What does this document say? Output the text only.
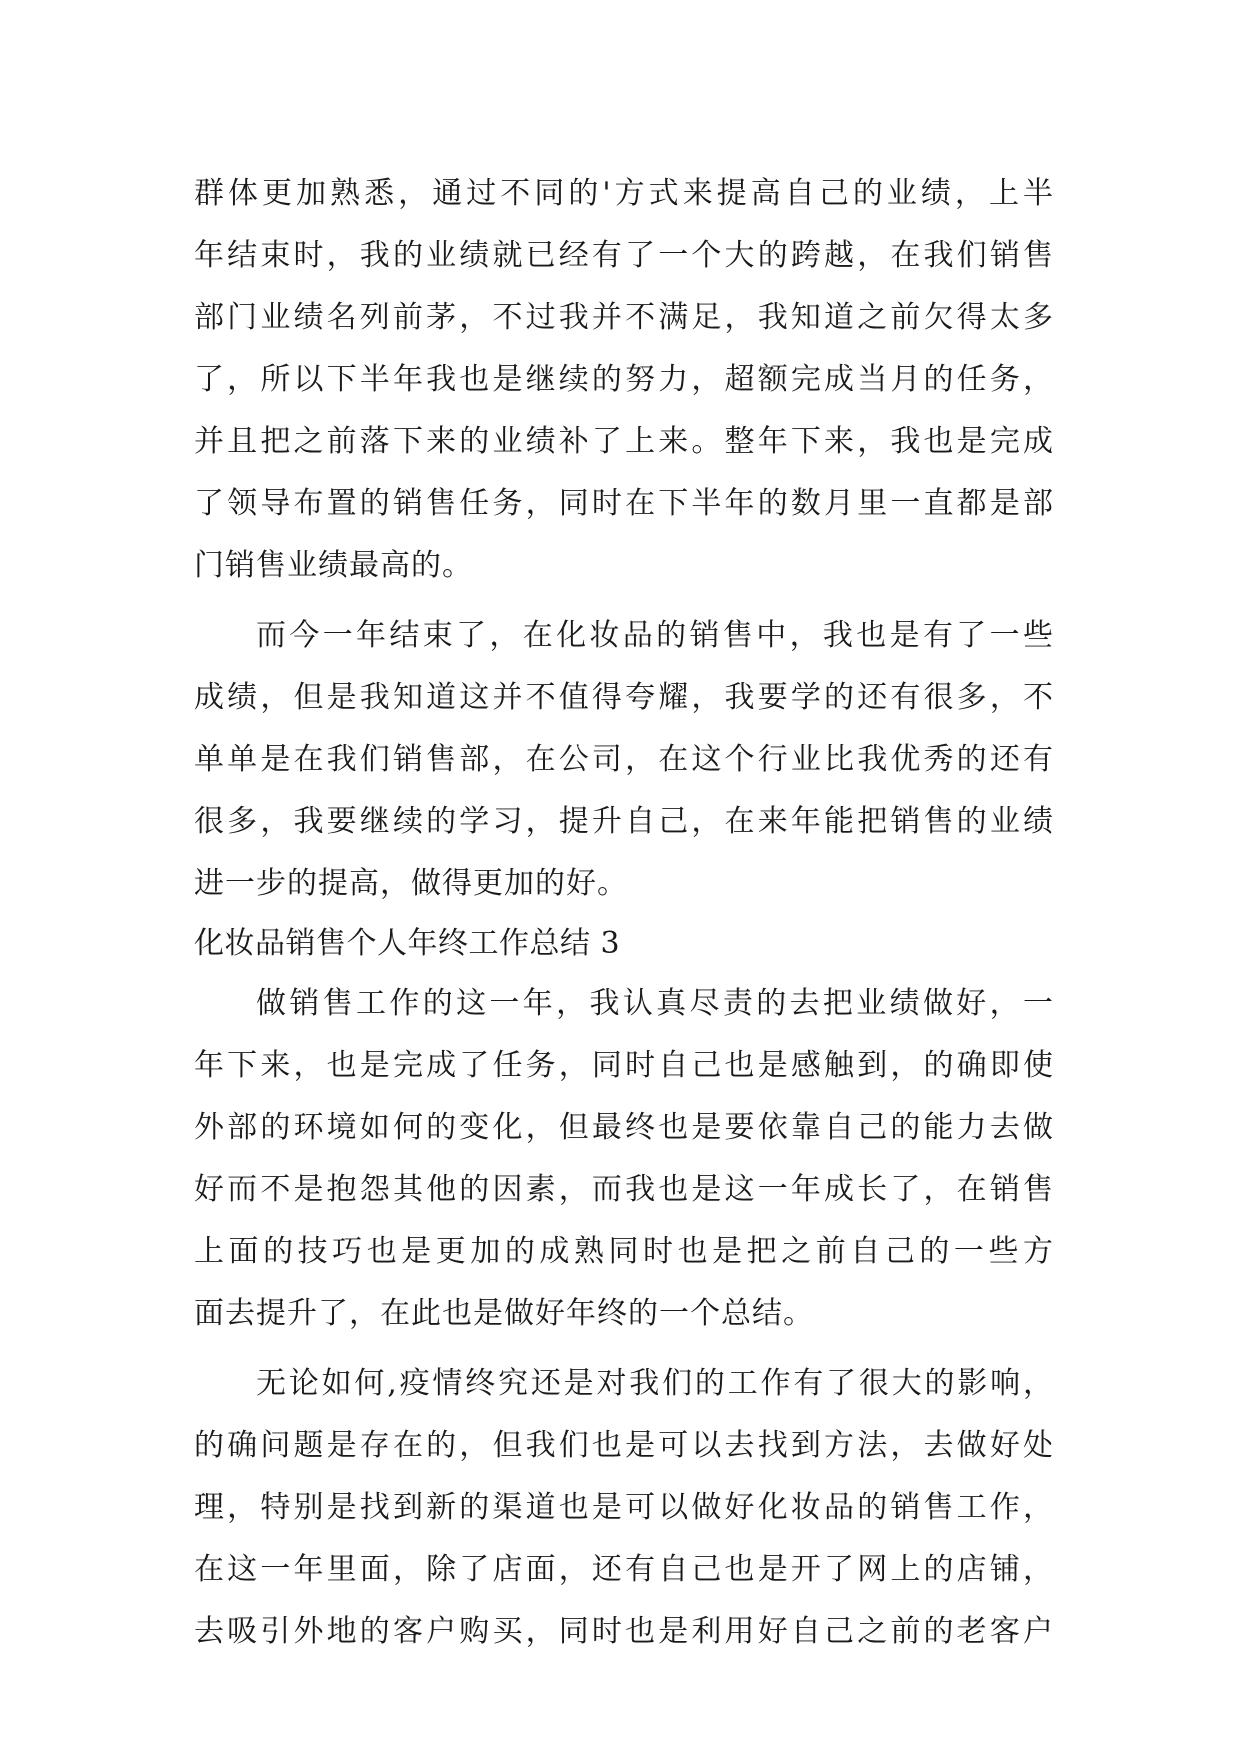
群体更加熟悉，通过不同的'方式来提高自己的业绩，上半
年结束时，我的业绩就已经有了一个大的跨越，在我们销售
部门业绩名列前茅，不过我并不满足，我知道之前欠得太多
了，所以下半年我也是继续的努力，超额完成当月的任务，
并且把之前落下来的业绩补了上来。整年下来，我也是完成
了领导布置的销售任务，同时在下半年的数月里一直都是部
门销售业绩最高的。
而今一年结束了，在化妆品的销售中，我也是有了一些
成绩，但是我知道这并不值得夸耀，我要学的还有很多，不
单单是在我们销售部，在公司，在这个行业比我优秀的还有
很多，我要继续的学习，提升自己，在来年能把销售的业绩
进一步的提高，做得更加的好。
化妆品销售个人年终工作总结 3
做销售工作的这一年，我认真尽责的去把业绩做好，一
年下来，也是完成了任务，同时自己也是感触到，的确即使
外部的环境如何的变化，但最终也是要依靠自己的能力去做
好而不是抱怨其他的因素，而我也是这一年成长了，在销售
上面的技巧也是更加的成熟同时也是把之前自己的一些方
面去提升了，在此也是做好年终的一个总结。
无论如何,疫情终究还是对我们的工作有了很大的影响，
的确问题是存在的，但我们也是可以去找到方法，去做好处
理，特别是找到新的渠道也是可以做好化妆品的销售工作，
在这一年里面，除了店面，还有自己也是开了网上的店铺，
去吸引外地的客户购买，同时也是利用好自己之前的老客户
